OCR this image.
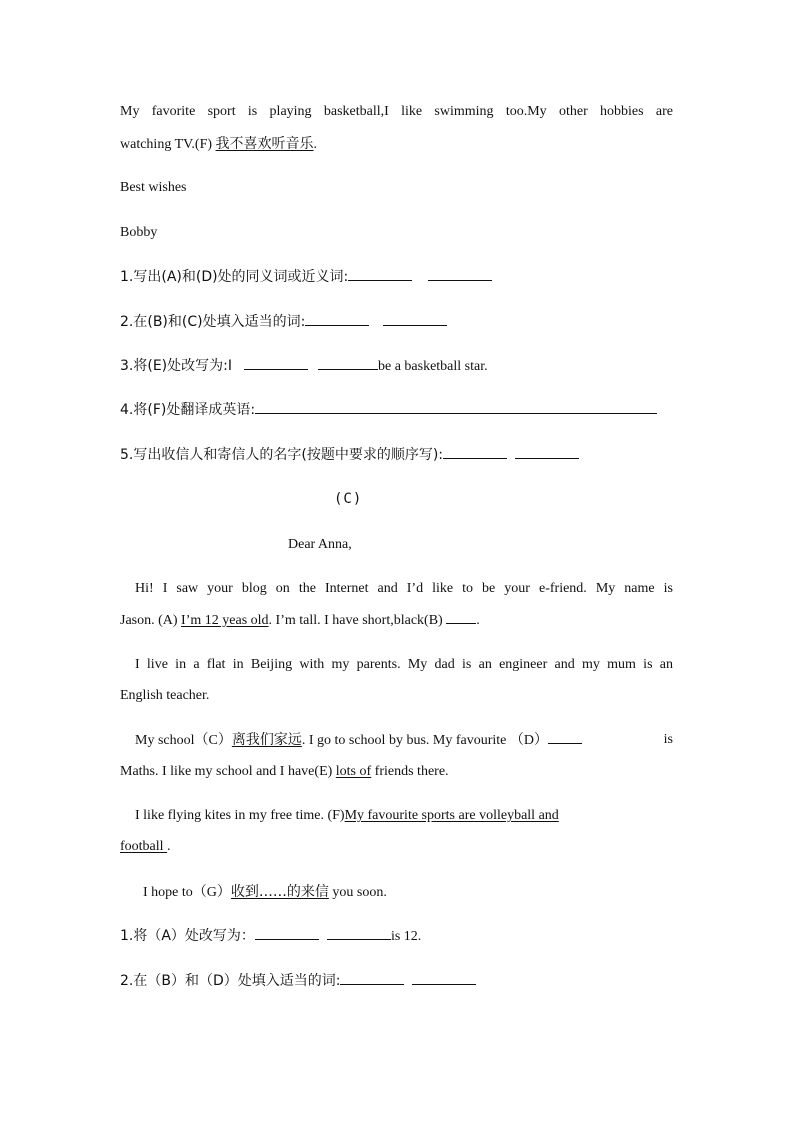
My favorite sport is playing basketball,I like swimming too.My other hobbies are
watching TV.(F) 我不喜欢听音乐.
Best wishes
Bobby
1.写出(A)和(D)处的同义词或近义词:
2.在(B)和(C)处填入适当的词:
3.将(E)处改写为:I	be a basketball star.
4.将(F)处翻译成英语:
5.写出收信人和寄信人的名字(按题中要求的顺序写):
(C)
Dear Anna,
Hi! I saw your blog on the Internet and I’d like to be your e-friend. My name is
Jason. (A) I’m 12 yeas old. I’m tall. I have short,black(B) .
I live in a flat in Beijing with my parents. My dad is an engineer and my mum is an
English teacher.
My school（C）离我们家远. I go to school by bus. My favourite （D）	is
Maths. I like my school and I have(E) lots of friends there.
I like flying kites in my free time. (F)My favourite sports are volleyball and
football .
I hope to（G）收到……的来信 you soon.
1.将（A）处改写为：	is 12.
2.在（B）和（D）处填入适当的词:
